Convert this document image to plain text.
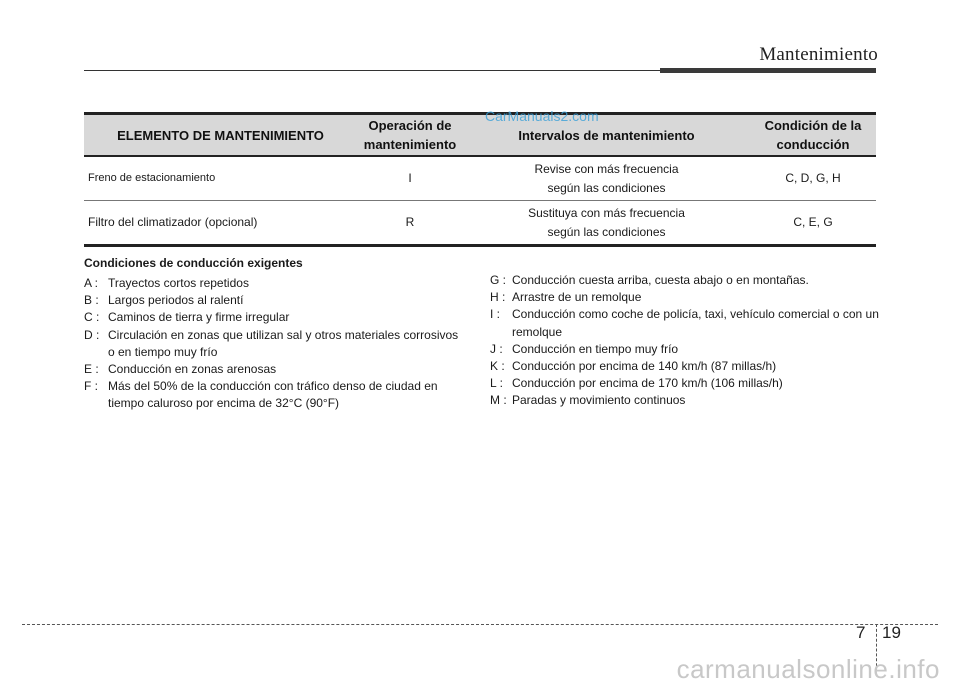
Mantenimiento
ELEMENTO DE MANTENIMIENTO
Operación de mantenimiento
Intervalos de mantenimiento
Condición de la conducción
Freno de estacionamiento	I
Revise con más frecuencia
según las condiciones
C, D, G, H
Filtro del climatizador (opcional)	R
Sustituya con más frecuencia
según las condiciones
C, E, G
CarManuals2.com
Condiciones de conducción exigentes
A : Trayectos cortos repetidos
B : Largos periodos al ralentí
C : Caminos de tierra y firme irregular
D : Circulación en zonas que utilizan sal y otros materiales corrosivos o en tiempo muy frío
E : Conducción en zonas arenosas
F : Más del 50% de la conducción con tráfico denso de ciudad en tiempo caluroso por encima de 32°C (90°F)
G : Conducción cuesta arriba, cuesta abajo o en montañas.
H : Arrastre de un remolque
I : Conducción como coche de policía, taxi, vehículo comercial o con un remolque
J : Conducción en tiempo muy frío
K : Conducción por encima de 140 km/h (87 millas/h)
L : Conducción por encima de 170 km/h (106 millas/h)
M : Paradas y movimiento continuos
7 19
carmanualsonline.info
